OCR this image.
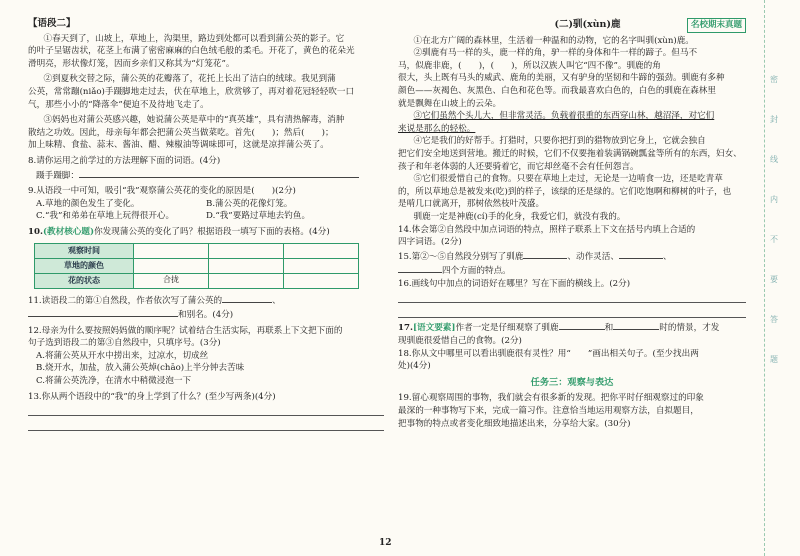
【语段二】
①春天到了，山坡上，草地上，沟渠里，路边到处都可以看到蒲公英的影子。它
的叶子呈锯齿状，花茎上布满了密密麻麻的白色绒毛般的柔毛。开花了，黄色的花朵光
滑明亮，形状像灯笼，因而乡亲们又称其为“灯笼花”。
②到夏秋交替之际，蒲公英的花瓣落了，花托上长出了洁白的绒球。我见到蒲
公英，常常蹦(niǎo)手蹑脚地走过去，伏在草地上，欣赏够了，再对着花冠轻轻吹一口
气，那些小小的“降落伞”便迫不及待地飞走了。
③妈妈也对蒲公英感兴趣，她说蒲公英是草中的“真英雄”，具有清热解毒，消肿
散结之功效。因此，母亲每年都会把蒲公英当做菜吃。首先(　　)；然后(　　)；
加上味精、食盐、蒜末、酱油、醋、辣椒油等调味即可，这就是凉拌蒲公英了。
8.请你运用之前学过的方法理解下面的词语。(4分)
蹑手蹑脚：
9.从语段一中可知，吸引“我”观察蒲公英花的变化的原因是(　　)(2分)
A.草地的颜色发生了变化。	B.蒲公英的花像灯笼。
C.“我”和弟弟在草地上玩得很开心。	D.“我”要路过草地去钓鱼。
10.(教材核心题)你发现蒲公英的变化了吗？根据语段一填写下面的表格。(4分)
观察时间			
草地的颜色			
花的状态	合拢		
11.读语段二的第①自然段，作者依次写了蒲公英的	、
和别名。(4分)
12.母亲为什么要按照妈妈做的顺序呢？试着结合生活实际，再联系上下文把下面的
句子选到语段二的第③自然段中，只填序号。(3分)
A.将蒲公英从开水中捞出来，过凉水，切成丝
B.烧开水，加盐，放入蒲公英焯(chāo)上半分钟去苦味
C.将蒲公英洗净，在清水中稍微浸泡一下
13.你从两个语段中的“我”的身上学到了什么？(至少写两条)(4分)
12
(二)驯(xùn)鹿	名校期末真题
①在北方广阔的森林里，生活着一种温和的动物，它的名字叫驯(xùn)鹿。
②驯鹿有马一样的头，鹿一样的角，驴一样的身体和牛一样的蹄子。但马不
马，似鹿非鹿，(　　)，(　　)，所以汉族人叫它“四不像”。驯鹿的角
很大，头上既有马头的威武、鹿角的美丽，又有驴身的坚韧和牛蹄的强劲。驯鹿有多种
颜色——灰褐色、灰黑色、白色和花色等。而我最喜欢白色的，白色的驯鹿在森林里
就是飘舞在山坡上的云朵。
③它们虽然个头儿大，但非常灵活。负载着很重的东西穿山林，越沼泽，对它们
来说是那么的轻松。
④它是我们的好帮手。打猎时，只要你把打到的猎物放到它身上，它就会独自
把它们安全地送到营地。搬迁的时候，它们不仅要拖着装满锅碗瓢盆等所有的东西，妇女、
孩子和年老体弱的人还要骑着它，而它却丝毫不会有任何怨言。
⑤它们很爱惜自己的食物。只要在草地上走过，无论是一边啃食一边，还是吃青草
的，所以草地总是被发来(吃)到的样子，该绿的还是绿的。它们吃饱啊和柳树的叶子，也
是啃几口就离开，那树依然枝叶茂盛。
驯鹿一定是神鹿(cí)手的化身，我爱它们，就没有我的。
14.体会第②自然段中加点词语的特点，照样子联系上下文在括号内填上合适的
四字词语。(2分)
15.第②～⑤自然段分别写了驯鹿	、动作灵活、	、
四个方面的特点。
16.画线句中加点的词语好在哪里？写在下面的横线上。(2分)
17.[语文要素]作者一定是仔细观察了驯鹿	和	时的情景，才发
现驯鹿很爱惜自己的食物。(2分)
18.你从文中哪里可以看出驯鹿很有灵性？用“　　”画出相关句子。(至少找出两
处)(4分)
任务三：观察与表达
19.留心观察周围的事物，我们就会有很多新的发现。把你平时仔细观察过的印象
最深的一种事物写下来，完成一篇习作。注意恰当地运用观察方法，自拟题目，
把事物的特点或者变化细致地描述出来，分享给大家。(30分)
密
封
线
内
不
要
答
题
